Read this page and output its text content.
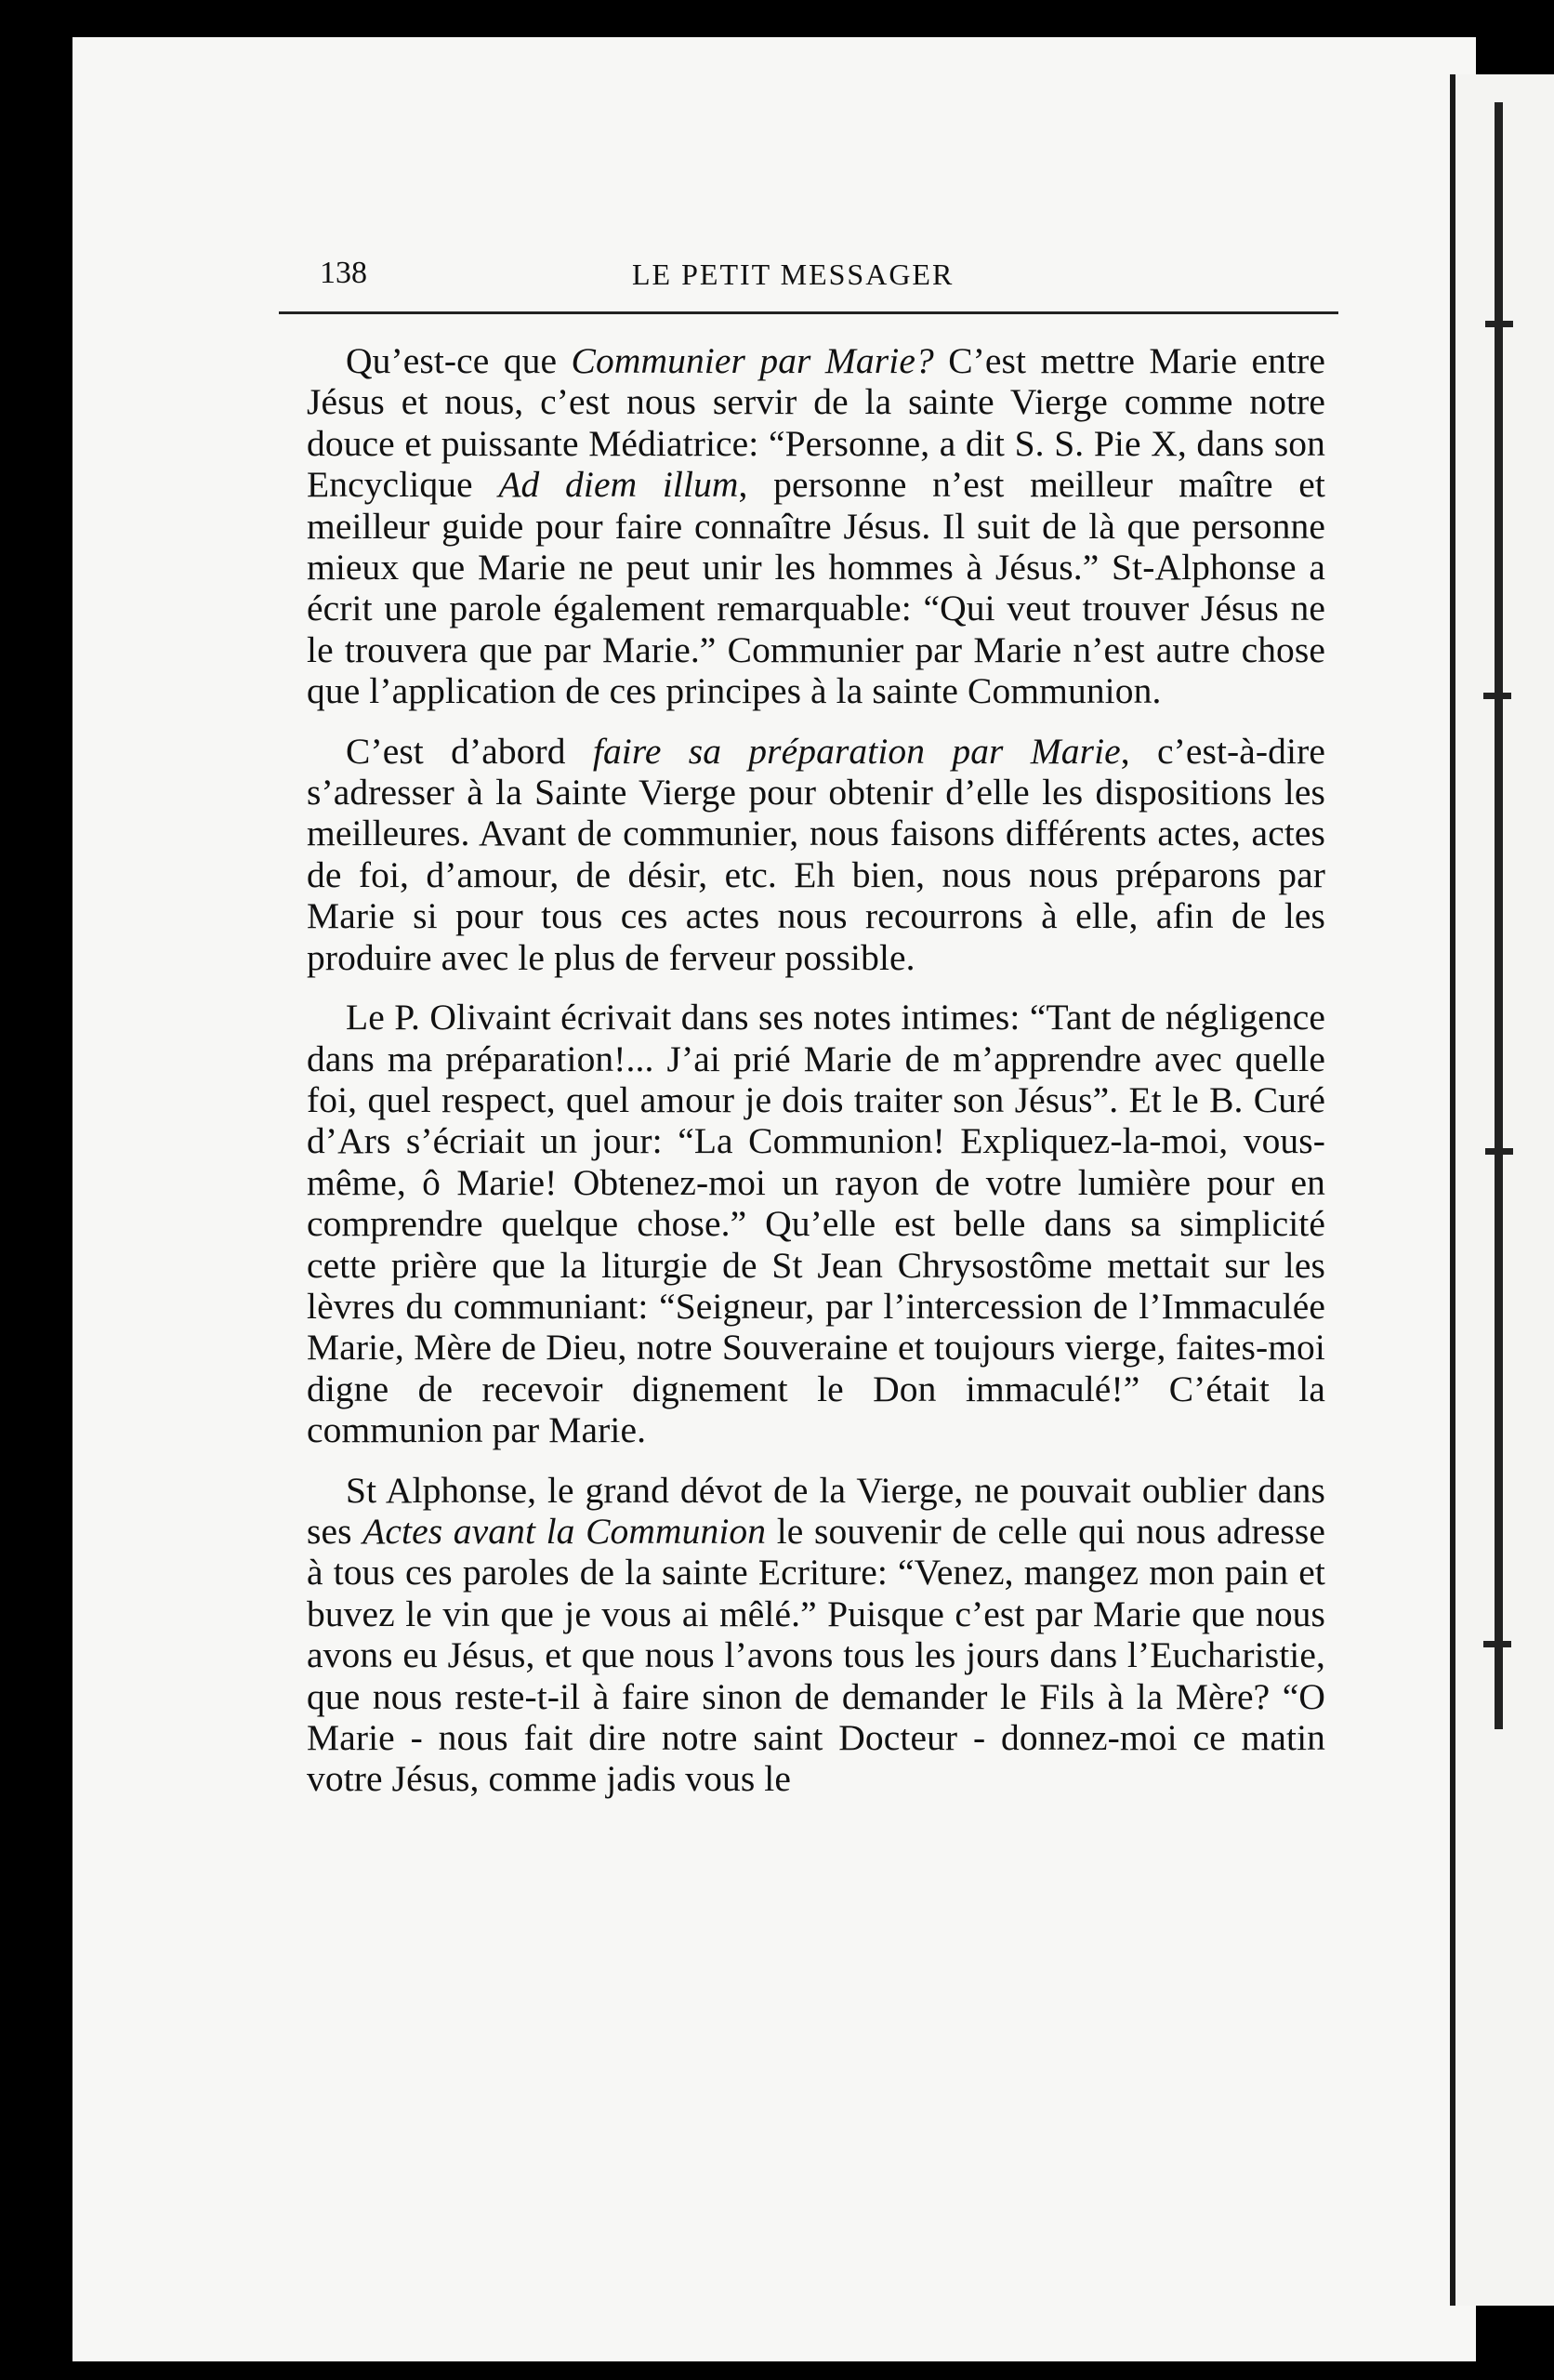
138	LE PETIT MESSAGER

Qu’est-ce que Communier par Marie? C’est mettre Marie entre Jésus et nous, c’est nous servir de la sainte Vierge comme notre douce et puissante Médiatrice: “Personne, a dit S. S. Pie X, dans son Encyclique Ad diem illum, personne n’est meilleur maître et meilleur guide pour faire connaître Jésus. Il suit de là que personne mieux que Marie ne peut unir les hommes à Jésus.” St-Alphonse a écrit une parole également remarquable: “Qui veut trouver Jésus ne le trouvera que par Marie.” Communier par Marie n’est autre chose que l’application de ces principes à la sainte Communion.

C’est d’abord faire sa préparation par Marie, c’est-à-dire s’adresser à la Sainte Vierge pour obtenir d’elle les dispositions les meilleures. Avant de communier, nous faisons différents actes, actes de foi, d’amour, de désir, etc. Eh bien, nous nous préparons par Marie si pour tous ces actes nous recourrons à elle, afin de les produire avec le plus de ferveur possible.

Le P. Olivaint écrivait dans ses notes intimes: “Tant de négligence dans ma préparation!... J’ai prié Marie de m’apprendre avec quelle foi, quel respect, quel amour je dois traiter son Jésus”. Et le B. Curé d’Ars s’écriait un jour: “La Communion! Expliquez-la-moi, vous-même, ô Marie! Obtenez-moi un rayon de votre lumière pour en comprendre quelque chose.” Qu’elle est belle dans sa simplicité cette prière que la liturgie de St Jean Chrysostôme mettait sur les lèvres du communiant: “Seigneur, par l’intercession de l’Immaculée Marie, Mère de Dieu, notre Souveraine et toujours vierge, faites-moi digne de recevoir dignement le Don immaculé!” C’était la communion par Marie.

St Alphonse, le grand dévot de la Vierge, ne pouvait oublier dans ses Actes avant la Communion le souvenir de celle qui nous adresse à tous ces paroles de la sainte Ecriture: “Venez, mangez mon pain et buvez le vin que je vous ai mêlé.” Puisque c’est par Marie que nous avons eu Jésus, et que nous l’avons tous les jours dans l’Eucharistie, que nous reste-t-il à faire sinon de demander le Fils à la Mère? “O Marie - nous fait dire notre saint Docteur - donnez-moi ce matin votre Jésus, comme jadis vous le
